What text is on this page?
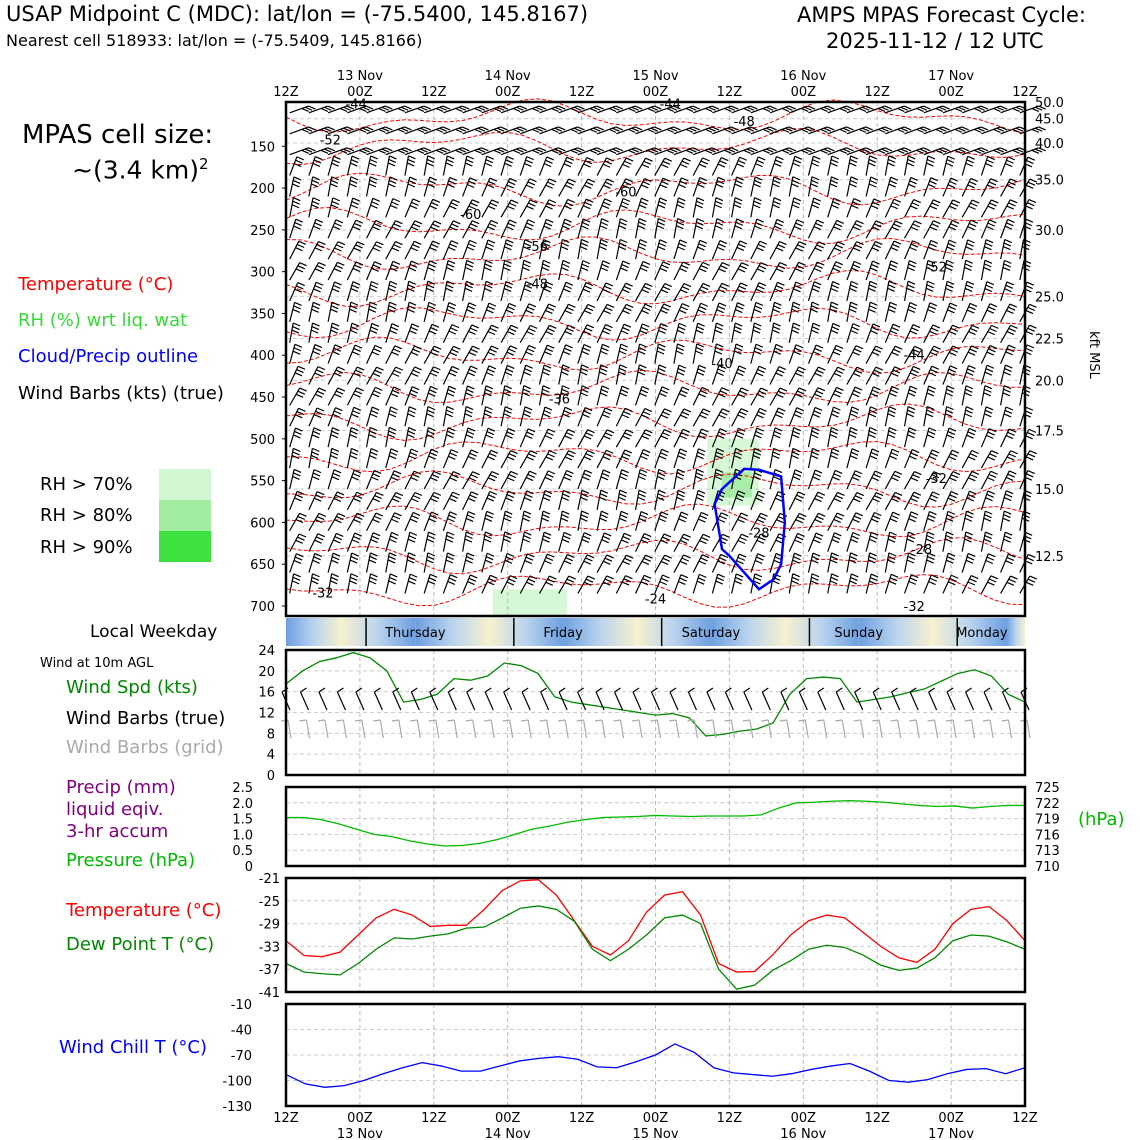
USAP Midpoint C (MDC): lat/lon = (-75.5400, 145.8167)
Nearest cell 518933: lat/lon = (-75.5409, 145.8166)
AMPS MPAS Forecast Cycle:
2025-11-12 / 12 UTC
MPAS cell size:
~(3.4 km)$^2$
Temperature (°C)
RH (%) wrt liq. wat
Cloud/Precip outline
Wind Barbs (kts) (true)
RH > 70%
RH > 80%
RH > 90%
Local Weekday
Wind at 10m AGL
Wind Spd (kts)
Wind Barbs (true)
Wind Barbs (grid)
Precip (mm)
liquid eqiv.
3-hr accum
Pressure (hPa)
(hPa)
Temperature (°C)
Dew Point T (°C)
Wind Chill T (°C)
-44	-44
-48
-52
-60
-60
-56
-52
-48
-44
-40
-36
-32
-28
-28
-32	-24
-32
150
200
250
300
350
400
450
500
550
600
650
700
50.0
45.0
40.0
35.0
30.0
25.0
22.5
20.0
17.5
15.0
12.5
kft MSL
12Z	00Z	12Z	00Z	12Z	00Z	12Z	00Z	12Z	00Z	12Z
13 Nov	14 Nov	15 Nov	16 Nov	17 Nov
Thursday	Friday	Saturday	Sunday	Monday
0
4
8
12
16
20
24
0
0.5
1.0
1.5
2.0
2.5
710
713
716
719
722
725
-41
-37
-33
-29
-25
-21
-130
-100
-70
-40
-10
12Z	00Z	12Z	00Z	12Z	00Z	12Z	00Z	12Z	00Z	12Z
13 Nov	14 Nov	15 Nov	16 Nov	17 Nov
